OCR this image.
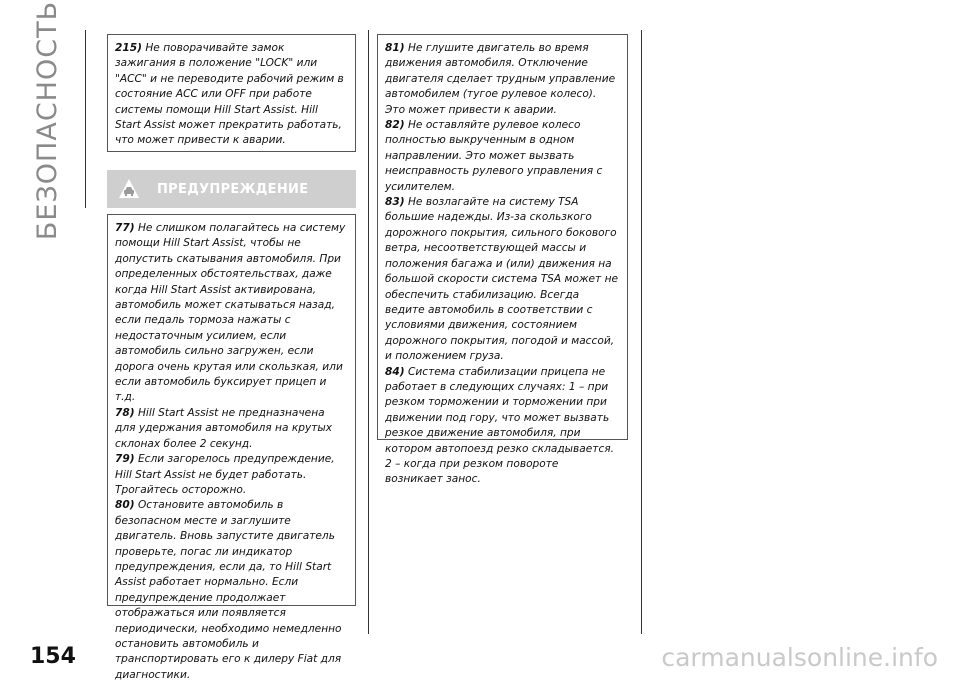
БЕЗОПАСНОСТЬ	215) Не поворачивайте замок зажигания в положение "LOCK" или "ACC" и не переводите рабочий режим в состояние ACC или OFF при работе системы помощи Hill Start Assist. Hill Start Assist может прекратить работать, что может привести к аварии.

ПРЕДУПРЕЖДЕНИЕ

77) Не слишком полагайтесь на систему помощи Hill Start Assist, чтобы не допустить скатывания автомобиля. При определенных обстоятельствах, даже когда Hill Start Assist активирована, автомобиль может скатываться назад, если педаль тормоза нажаты с недостаточным усилием, если автомобиль сильно загружен, если дорога очень крутая или скользкая, или если автомобиль буксирует прицеп и т.д.

78) Hill Start Assist не предназначена для удержания автомобиля на крутых склонах более 2 секунд.

79) Если загорелось предупреждение, Hill Start Assist не будет работать. Трогайтесь осторожно.

80) Остановите автомобиль в безопасном месте и заглушите двигатель. Вновь запустите двигатель проверьте, погас ли индикатор предупреждения, если да, то Hill Start Assist работает нормально. Если предупреждение продолжает отображаться или появляется периодически, необходимо немедленно остановить автомобиль и транспортировать его к дилеру Fiat для диагностики.

81) Не глушите двигатель во время движения автомобиля. Отключение двигателя сделает трудным управление автомобилем (тугое рулевое колесо). Это может привести к аварии.

82) Не оставляйте рулевое колесо полностью выкрученным в одном направлении. Это может вызвать неисправность рулевого управления с усилителем.

83) Не возлагайте на систему TSA большие надежды. Из-за скользкого дорожного покрытия, сильного бокового ветра, несоответствующей массы и положения багажа и (или) движения на большой скорости система TSA может не обеспечить стабилизацию. Всегда ведите автомобиль в соответствии с условиями движения, состоянием дорожного покрытия, погодой и массой, и положением груза.

84) Система стабилизации прицепа не работает в следующих случаях: 1 – при резком торможении и торможении при движении под гору, что может вызвать резкое движение автомобиля, при котором автопоезд резко складывается. 2 – когда при резком повороте возникает занос.

154	carmanualsonline.info
